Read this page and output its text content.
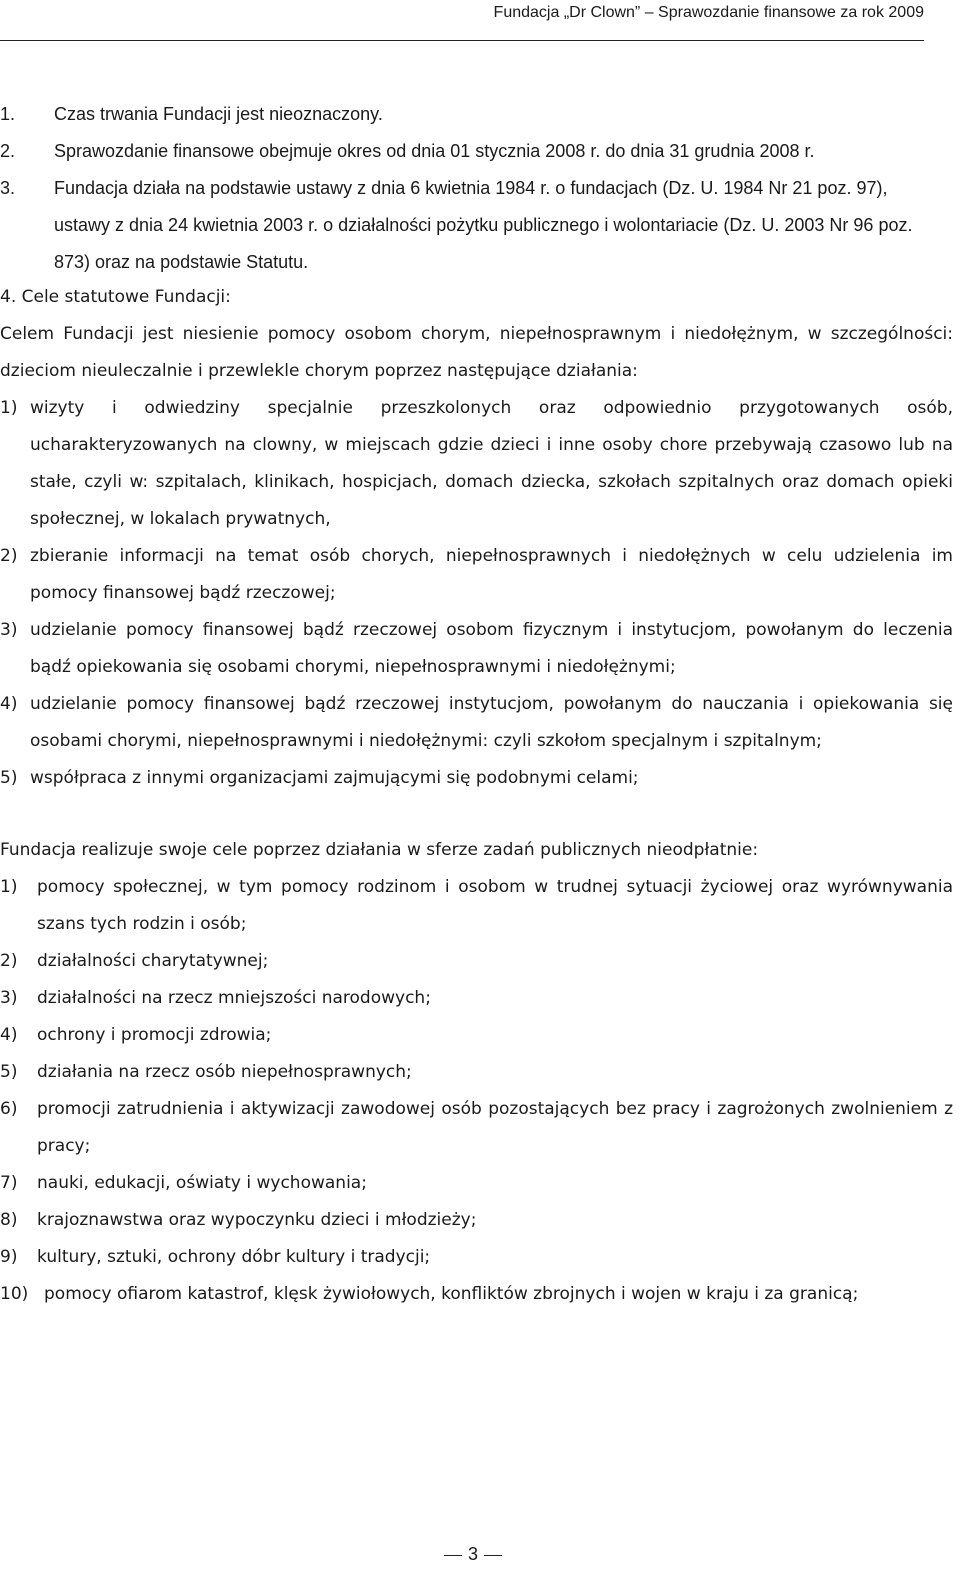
Fundacja „Dr Clown” – Sprawozdanie finansowe za rok 2009
1.	Czas trwania Fundacji jest nieoznaczony.
2.	Sprawozdanie finansowe obejmuje okres od dnia 01 stycznia 2008 r. do dnia 31 grudnia 2008 r.
3.	Fundacja działa na podstawie ustawy z dnia 6 kwietnia 1984 r. o fundacjach (Dz. U. 1984 Nr 21 poz. 97), ustawy z dnia 24 kwietnia 2003 r. o działalności pożytku publicznego i wolontariacie (Dz. U. 2003 Nr 96 poz. 873) oraz na podstawie Statutu.

4. Cele statutowe Fundacji:

Celem Fundacji jest niesienie pomocy osobom chorym, niepełnosprawnym i niedołężnym, w szczególności: dzieciom nieuleczalnie i przewlekle chorym poprzez następujące działania:

1) wizyty i odwiedziny specjalnie przeszkolonych oraz odpowiednio przygotowanych osób, ucharakteryzowanych na clowny, w miejscach gdzie dzieci i inne osoby chore przebywają czasowo lub na stałe, czyli w: szpitalach, klinikach, hospicjach, domach dziecka, szkołach szpitalnych oraz domach opieki społecznej, w lokalach prywatnych,
2) zbieranie informacji na temat osób chorych, niepełnosprawnych i niedołężnych w celu udzielenia im pomocy finansowej bądź rzeczowej;
3) udzielanie pomocy finansowej bądź rzeczowej osobom fizycznym i instytucjom, powołanym do leczenia bądź opiekowania się osobami chorymi, niepełnosprawnymi i niedołężnymi;
4) udzielanie pomocy finansowej bądź rzeczowej instytucjom, powołanym do nauczania i opiekowania się osobami chorymi, niepełnosprawnymi i niedołężnymi: czyli szkołom specjalnym i szpitalnym;
5) współpraca z innymi organizacjami zajmującymi się podobnymi celami;

Fundacja realizuje swoje cele poprzez działania w sferze zadań publicznych nieodpłatnie:

1)	pomocy społecznej, w tym pomocy rodzinom i osobom w trudnej sytuacji życiowej oraz wyrównywania szans tych rodzin i osób;
2)	działalności charytatywnej;
3)	działalności na rzecz mniejszości narodowych;
4)	ochrony i promocji zdrowia;
5)	działania na rzecz osób niepełnosprawnych;
6)	promocji zatrudnienia i aktywizacji zawodowej osób pozostających bez pracy i zagrożonych zwolnieniem z pracy;
7)	nauki, edukacji, oświaty i wychowania;
8)	krajoznawstwa oraz wypoczynku dzieci i młodzieży;
9)	kultury, sztuki, ochrony dóbr kultury i tradycji;
10) pomocy ofiarom katastrof, klęsk żywiołowych, konfliktów zbrojnych i wojen w kraju i za granicą;
3
